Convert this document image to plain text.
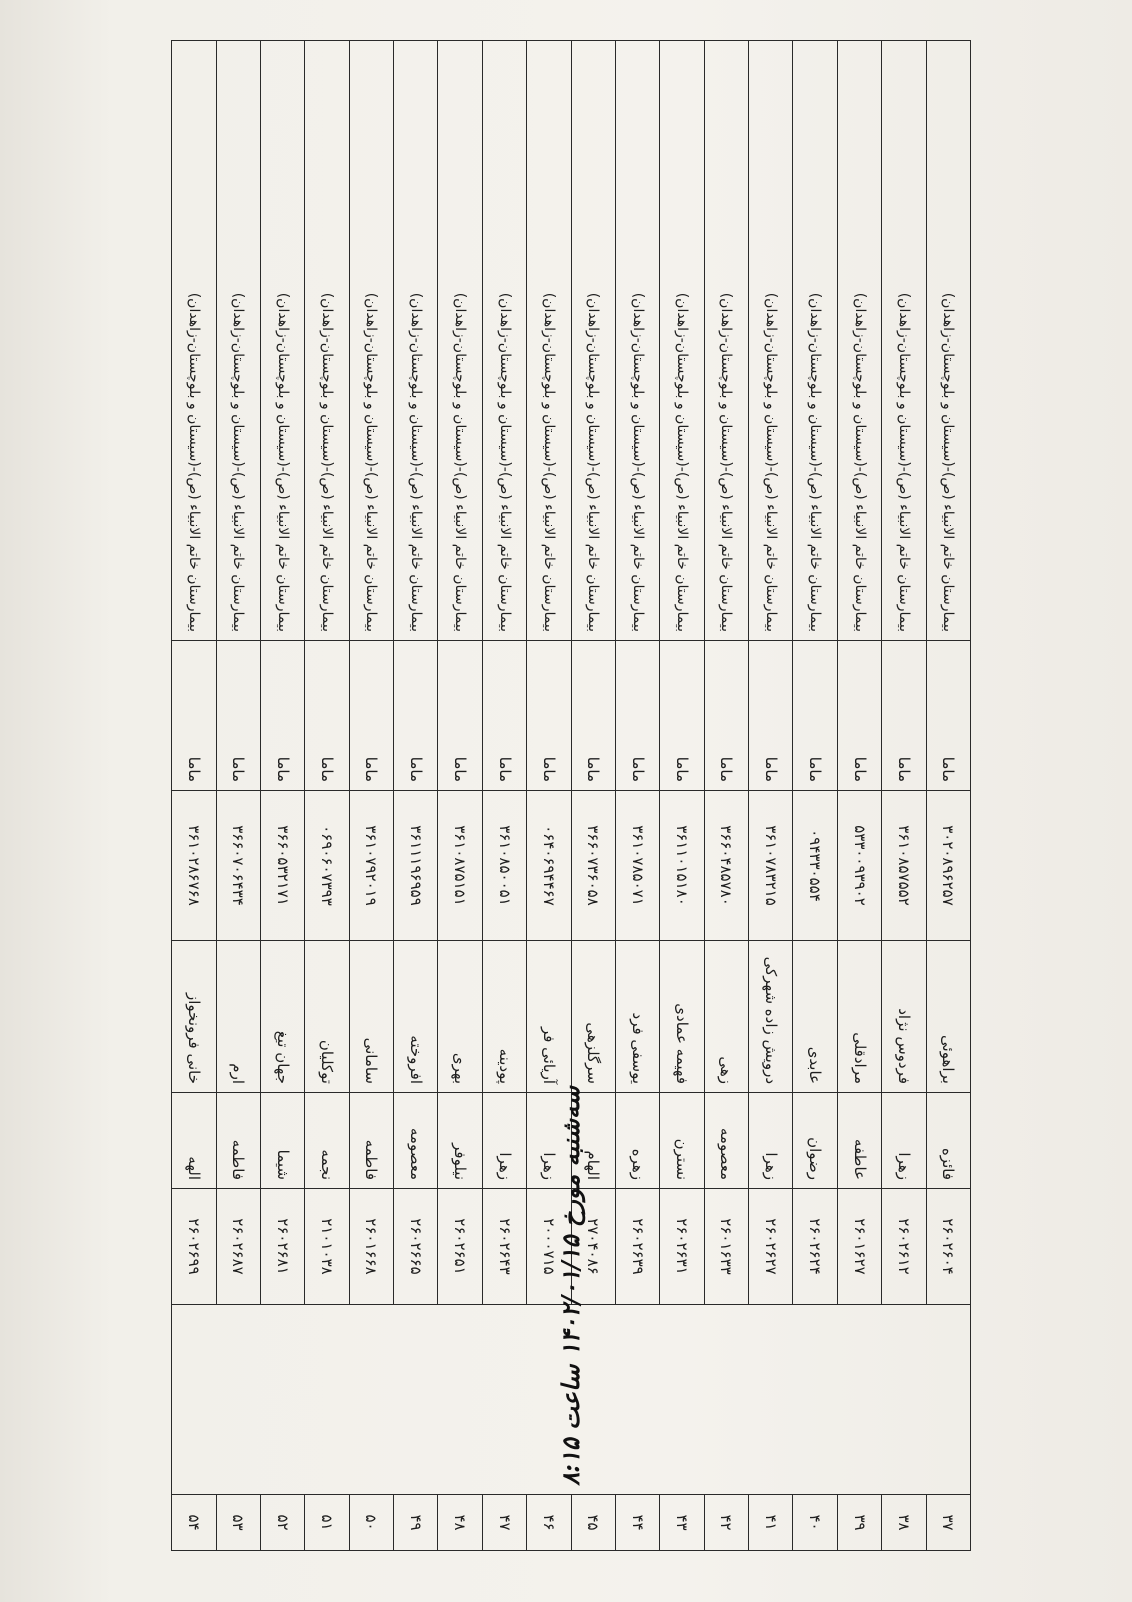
۳۷	سه‌شنبه مورخ ۱۴۰۲/۰۱/۱۵ ساعت ۸:۱۵	۲۶۰۲۶۰۴	فائزه	براهوئی	۳۰۲۰۸۹۶۲۵۷	ماما	بیمارستان خاتم الانبیاء (ص)-(سیستان و بلوچستان-زاهدان)
۳۸		۲۶۰۲۶۱۲	زهرا	فردوس نژاد	۳۶۱۰۸۵۷۵۵۲	ماما	بیمارستان خاتم الانبیاء (ص)-(سیستان و بلوچستان-زاهدان)
۳۹		۲۶۰۱۶۲۷	عاطفه	مرادقلی	۵۳۳۰۰۹۳۹۰۲	ماما	بیمارستان خاتم الانبیاء (ص)-(سیستان و بلوچستان-زاهدان)
۴۰		۲۶۰۲۶۲۴	رضوان	عابدی	۰۹۴۳۳۰۵۵۴	ماما	بیمارستان خاتم الانبیاء (ص)-(سیستان و بلوچستان-زاهدان)
۴۱		۲۶۰۲۶۲۷	زهرا	درویش زاده شهرکی	۳۶۱۰۷۸۳۲۱۵	ماما	بیمارستان خاتم الانبیاء (ص)-(سیستان و بلوچستان-زاهدان)
۴۲		۲۶۰۱۶۳۳	معصومه	زهی	۳۶۶۰۴۸۵۷۸۰	ماما	بیمارستان خاتم الانبیاء (ص)-(سیستان و بلوچستان-زاهدان)
۴۳		۲۶۰۲۶۳۱	نسترن	فهیمه عمادی	۳۶۱۱۰۱۵۱۸۰	ماما	بیمارستان خاتم الانبیاء (ص)-(سیستان و بلوچستان-زاهدان)
۴۴		۲۶۰۲۶۳۹	زهره	یوسفی فرد	۳۶۱۰۷۸۵۰۷۱	ماما	بیمارستان خاتم الانبیاء (ص)-(سیستان و بلوچستان-زاهدان)
۴۵		۲۷۰۴۰۸۶	الهام	سرگلزهی	۳۶۶۰۷۳۶۰۵۸	ماما	بیمارستان خاتم الانبیاء (ص)-(سیستان و بلوچستان-زاهدان)
۴۶		۲۰۰۰۷۱۵	زهرا	آریائی فر	۰۶۴۰۶۹۴۴۶۷	ماما	بیمارستان خاتم الانبیاء (ص)-(سیستان و بلوچستان-زاهدان)
۴۷		۲۶۰۲۶۴۳	زهرا	پودینه	۳۶۱۰۸۵۰۰۵۱	ماما	بیمارستان خاتم الانبیاء (ص)-(سیستان و بلوچستان-زاهدان)
۴۸		۲۶۰۲۶۵۱	نیلوفر	بهری	۳۶۱۰۸۷۵۱۵۱	ماما	بیمارستان خاتم الانبیاء (ص)-(سیستان و بلوچستان-زاهدان)
۴۹		۲۶۰۲۶۶۵	معصومه	افروخته	۳۶۱۱۱۹۶۹۵۹	ماما	بیمارستان خاتم الانبیاء (ص)-(سیستان و بلوچستان-زاهدان)
۵۰		۲۶۰۱۶۶۸	فاطمه	سامانی	۳۶۱۰۷۹۲۰۱۹	ماما	بیمارستان خاتم الانبیاء (ص)-(سیستان و بلوچستان-زاهدان)
۵۱		۲۱۰۱۰۳۸	نجمه	توکلیان	۰۶۹۰۶۰۷۳۹۳	ماما	بیمارستان خاتم الانبیاء (ص)-(سیستان و بلوچستان-زاهدان)
۵۲		۲۶۰۲۶۸۱	شیما	جهان تیغ	۳۶۶۰۵۳۲۱۷۱	ماما	بیمارستان خاتم الانبیاء (ص)-(سیستان و بلوچستان-زاهدان)
۵۳		۲۶۰۲۶۸۷	فاطمه	ارم	۳۶۶۰۷۰۶۴۳۴	ماما	بیمارستان خاتم الانبیاء (ص)-(سیستان و بلوچستان-زاهدان)
۵۴		۲۶۰۲۶۹۹	الهه	خانی فرونخواز	۳۶۱۰۲۸۶۷۶۸	ماما	بیمارستان خاتم الانبیاء (ص)-(سیستان و بلوچستان-زاهدان)
